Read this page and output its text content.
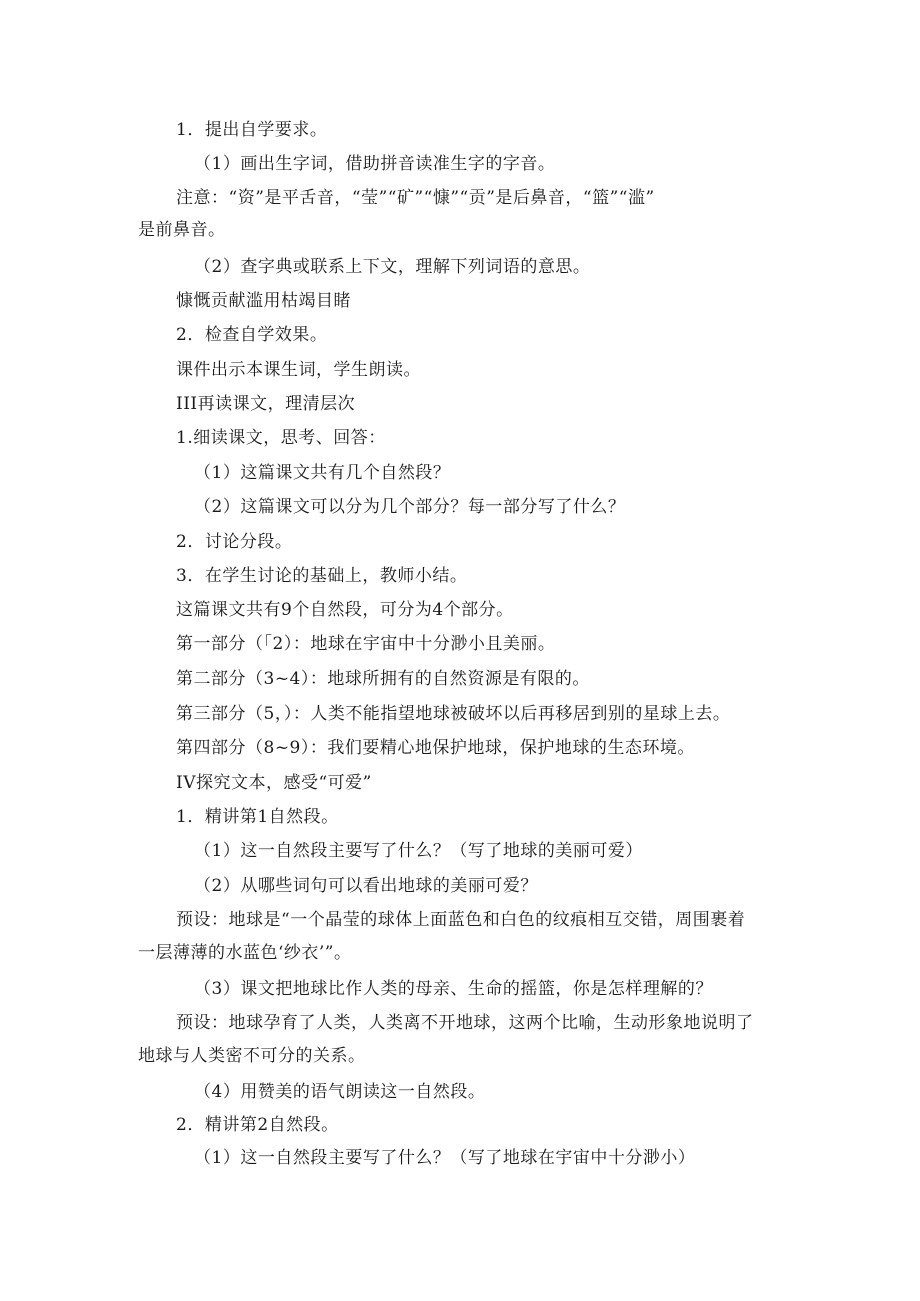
1．提出自学要求。
（1）画出生字词，借助拼音读准生字的字音。
注意：“资”是平舌音，“莹”“矿”“慷”“贡”是后鼻音，“篮”“滥”
是前鼻音。
（2）查字典或联系上下文，理解下列词语的意思。
慷慨贡献滥用枯竭目睹
2．检查自学效果。
课件出示本课生词，学生朗读。
III再读课文，理清层次
1.细读课文，思考、回答：
（1）这篇课文共有几个自然段？
（2）这篇课文可以分为几个部分？每一部分写了什么？
2．讨论分段。
3．在学生讨论的基础上，教师小结。
这篇课文共有9个自然段，可分为4个部分。
第一部分（「2）：地球在宇宙中十分渺小且美丽。
第二部分（3~4）：地球所拥有的自然资源是有限的。
第三部分（5，）：人类不能指望地球被破坏以后再移居到别的星球上去。
第四部分（8~9）：我们要精心地保护地球，保护地球的生态环境。
IV探究文本，感受“可爱”
1．精讲第1自然段。
（1）这一自然段主要写了什么？（写了地球的美丽可爱）
（2）从哪些词句可以看出地球的美丽可爱？
预设：地球是“一个晶莹的球体上面蓝色和白色的纹痕相互交错，周围裹着
一层薄薄的水蓝色‘纱衣’”。
（3）课文把地球比作人类的母亲、生命的摇篮，你是怎样理解的？
预设：地球孕育了人类，人类离不开地球，这两个比喻，生动形象地说明了
地球与人类密不可分的关系。
（4）用赞美的语气朗读这一自然段。
2．精讲第2自然段。
（1）这一自然段主要写了什么？（写了地球在宇宙中十分渺小）
